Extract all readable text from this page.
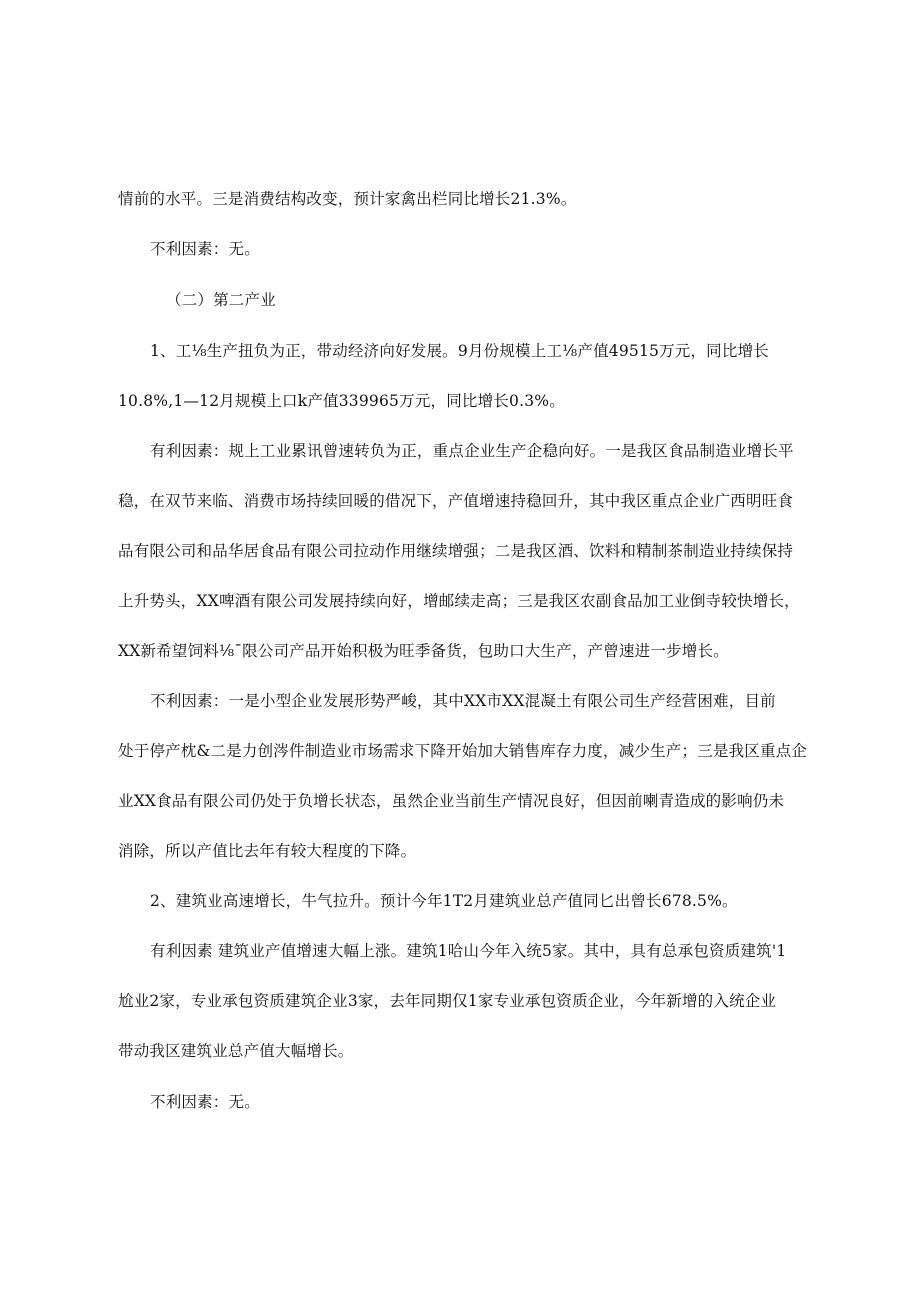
情前的水平。三是消费结构改变，预计家禽出栏同比增长21.3%。

不利因素：无。

（二）第二产业

1、工⅛生产扭负为正，带动经济向好发展。9月份规模上工⅛产值49515万元，同比增长

10.8%,1—12月规模上口k产值339965万元，同比增长0.3%。

有利因素：规上工业累讯曾速转负为正，重点企业生产企稳向好。一是我区食品制造业增长平

稳，在双节来临、消费市场持续回暖的借况下，产值增速持稳回升，其中我区重点企业广西明旺食

品有限公司和品华居食品有限公司拉动作用继续增强；二是我区酒、饮料和精制茶制造业持续保持

上升势头，XX啤酒有限公司发展持续向好，增邮续走高；三是我区农副食品加工业倒寺较快增长，

XX新希望饲料⅛ˉ限公司产品开始积极为旺季备货，包助口大生产，产曾速进一步增长。

不利因素：一是小型企业发展形势严峻，其中XX市XX混凝土有限公司生产经营困难，目前

处于停产枕&二是力创涔件制造业市场需求下降开始加大销售库存力度，减少生产；三是我区重点企

业XX食品有限公司仍处于负增长状态，虽然企业当前生产情况良好，但因前喇青造成的影响仍未

消除，所以产值比去年有较大程度的下降。

2、建筑业高速增长，牛气拉升。预计今年1T2月建筑业总产值同匕出曾长678.5%。

有利因素 建筑业产值增速大幅上涨。建筑1哈山今年入统5家。其中，具有总承包资质建筑'1

尬业2家，专业承包资质建筑企业3家，去年同期仅1家专业承包资质企业，今年新增的入统企业

带动我区建筑业总产值大幅增长。

不利因素：无。
